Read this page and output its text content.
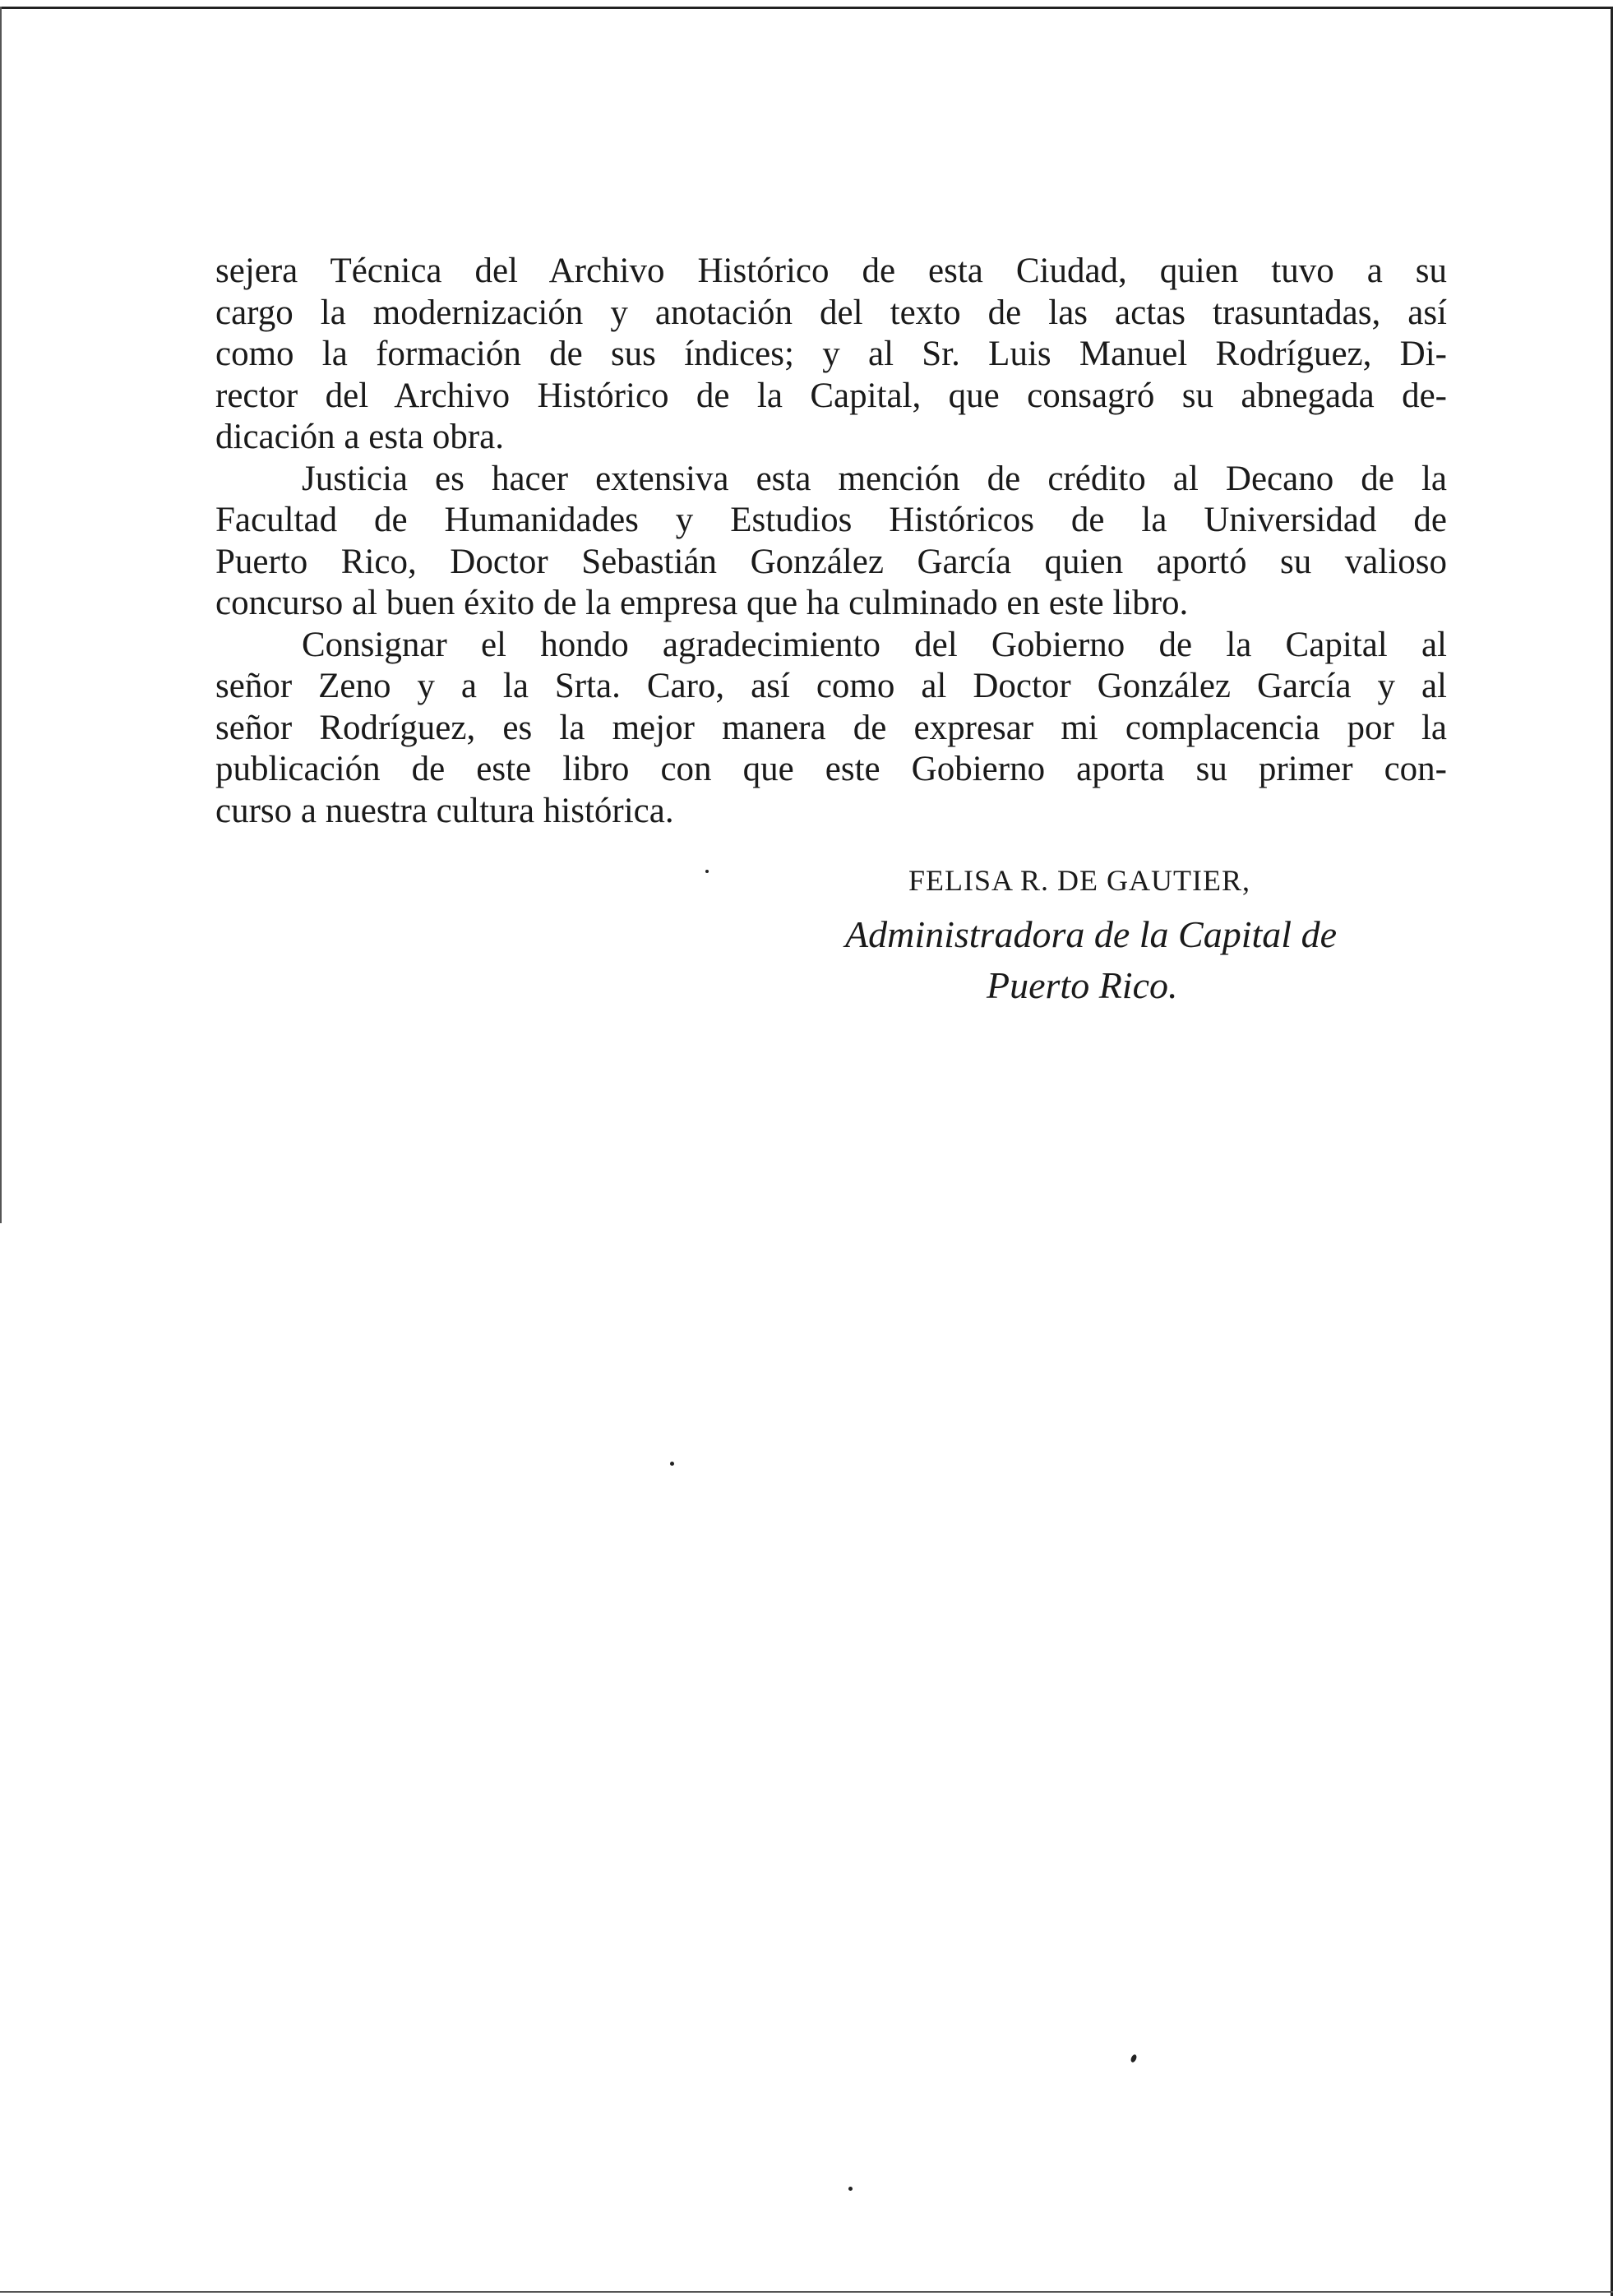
sejera Técnica del Archivo Histórico de esta Ciudad, quien tuvo a su
cargo la modernización y anotación del texto de las actas trasuntadas, así
como la formación de sus índices; y al Sr. Luis Manuel Rodríguez, Di-
rector del Archivo Histórico de la Capital, que consagró su abnegada de-
dicación a esta obra.

Justicia es hacer extensiva esta mención de crédito al Decano de la
Facultad de Humanidades y Estudios Históricos de la Universidad de
Puerto Rico, Doctor Sebastián González García quien aportó su valioso
concurso al buen éxito de la empresa que ha culminado en este libro.

Consignar el hondo agradecimiento del Gobierno de la Capital al
señor Zeno y a la Srta. Caro, así como al Doctor González García y al
señor Rodríguez, es la mejor manera de expresar mi complacencia por la
publicación de este libro con que este Gobierno aporta su primer con-
curso a nuestra cultura histórica.

FELISA R. DE GAUTIER,
Administradora de la Capital de
Puerto Rico.
